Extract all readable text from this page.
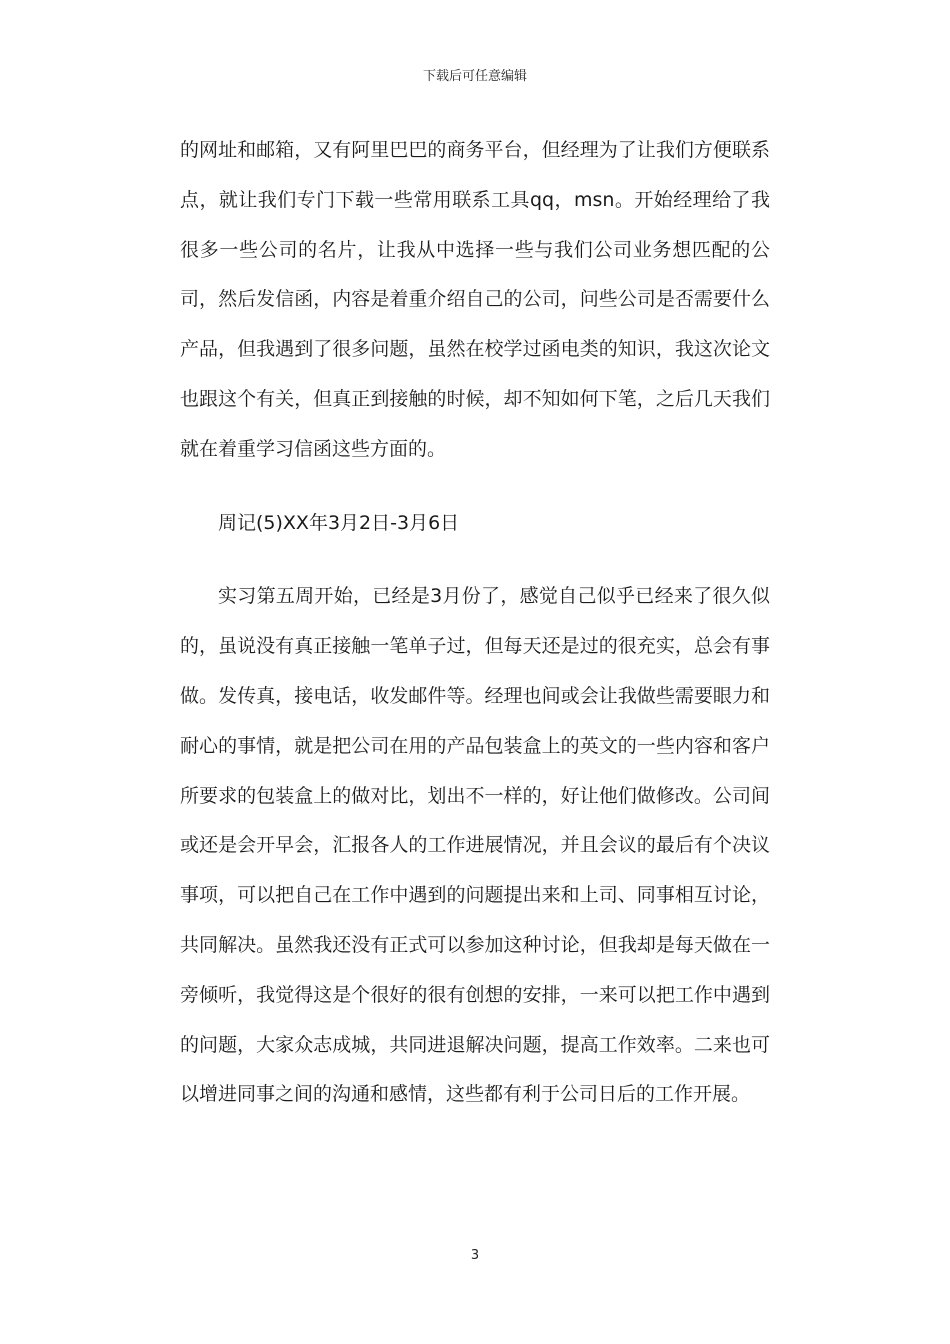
下载后可任意编辑

的网址和邮箱，又有阿里巴巴的商务平台，但经理为了让我们方便联系点，就让我们专门下载一些常用联系工具qq，msn。开始经理给了我很多一些公司的名片，让我从中选择一些与我们公司业务想匹配的公司，然后发信函，内容是着重介绍自己的公司，问些公司是否需要什么产品，但我遇到了很多问题，虽然在校学过函电类的知识，我这次论文也跟这个有关，但真正到接触的时候，却不知如何下笔，之后几天我们就在着重学习信函这些方面的。

周记(5)XX年3月2日-3月6日

实习第五周开始，已经是3月份了，感觉自己似乎已经来了很久似的，虽说没有真正接触一笔单子过，但每天还是过的很充实，总会有事做。发传真，接电话，收发邮件等。经理也间或会让我做些需要眼力和耐心的事情，就是把公司在用的产品包装盒上的英文的一些内容和客户所要求的包装盒上的做对比，划出不一样的，好让他们做修改。公司间或还是会开早会，汇报各人的工作进展情况，并且会议的最后有个决议事项，可以把自己在工作中遇到的问题提出来和上司、同事相互讨论，共同解决。虽然我还没有正式可以参加这种讨论，但我却是每天做在一旁倾听，我觉得这是个很好的很有创想的安排，一来可以把工作中遇到的问题，大家众志成城，共同进退解决问题，提高工作效率。二来也可以增进同事之间的沟通和感情，这些都有利于公司日后的工作开展。

3
